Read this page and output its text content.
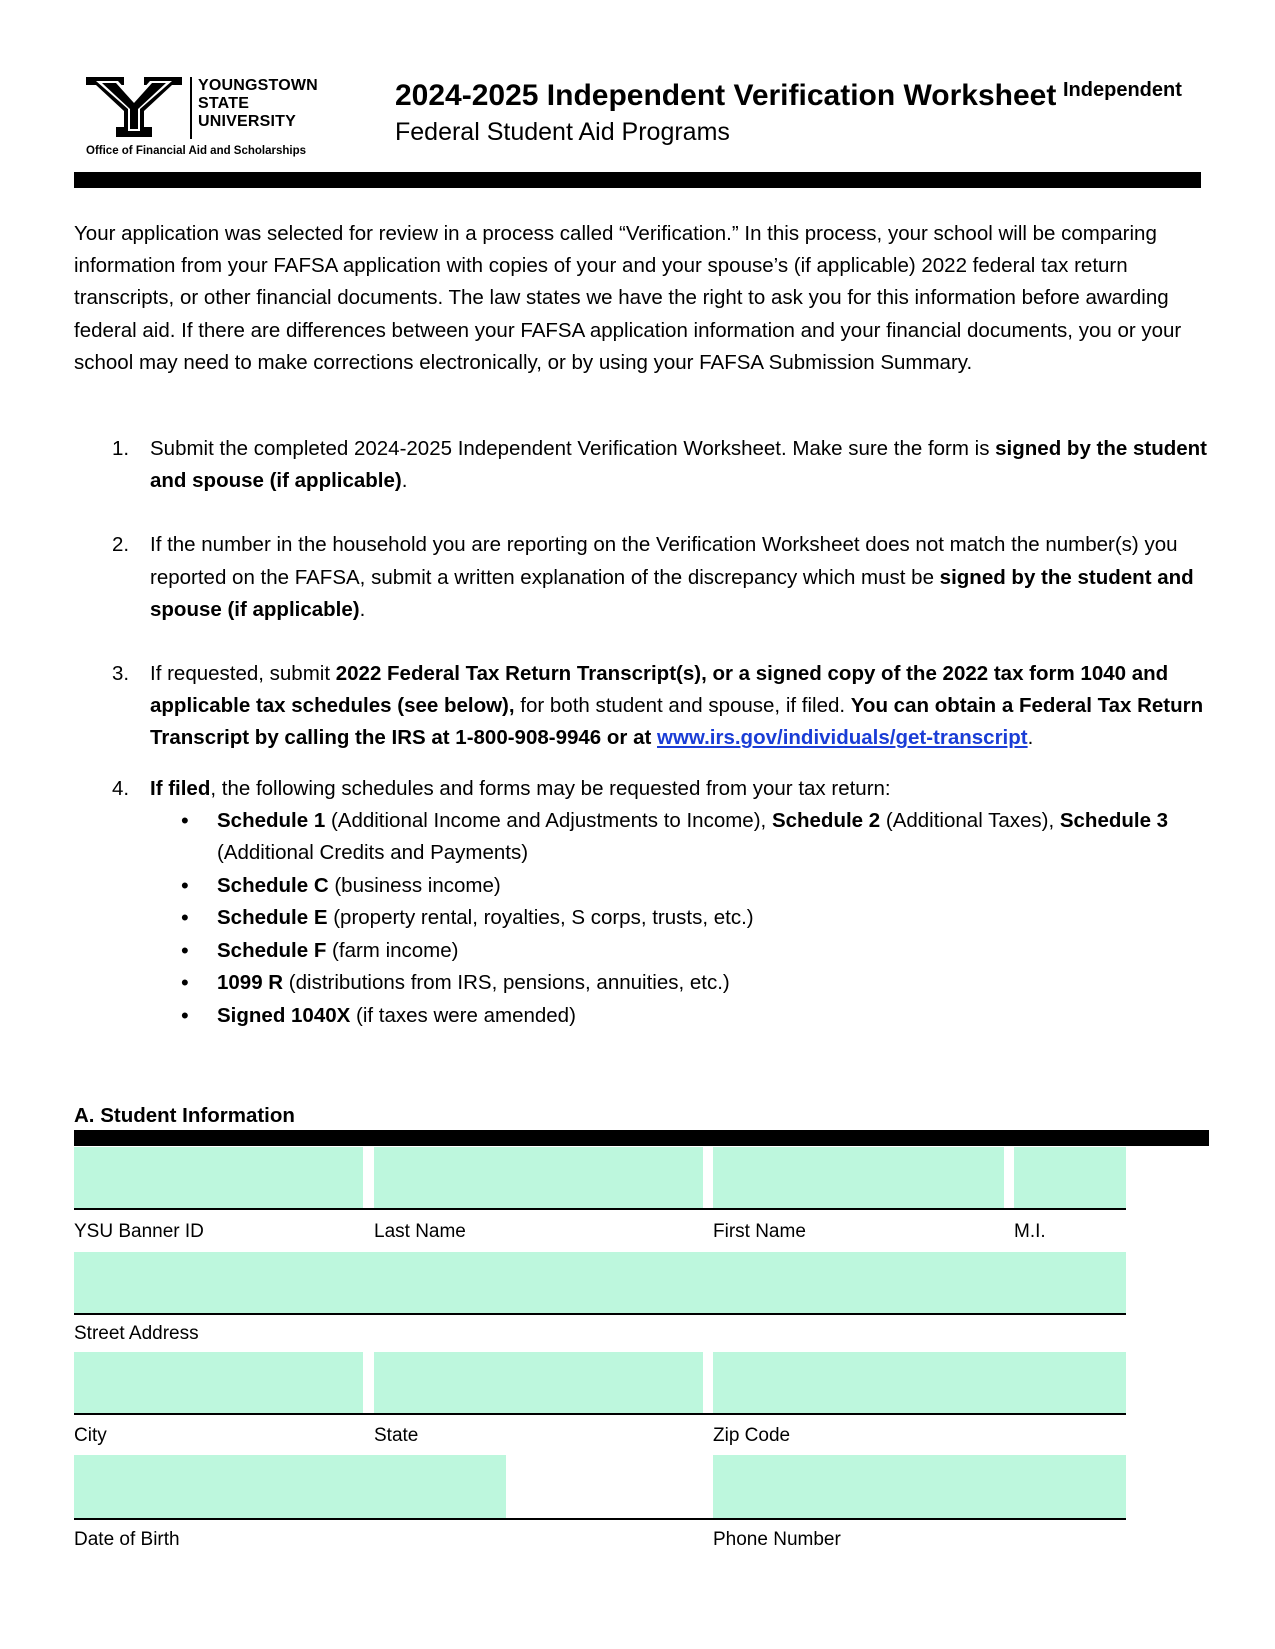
YOUNGSTOWN
STATE
UNIVERSITY
Office of Financial Aid and Scholarships
2024-2025 Independent Verification Worksheet
Federal Student Aid Programs
Independent

Your application was selected for review in a process called “Verification.” In this process, your school will be comparing information from your FAFSA application with copies of your and your spouse’s (if applicable) 2022 federal tax return transcripts, or other financial documents. The law states we have the right to ask you for this information before awarding federal aid. If there are differences between your FAFSA application information and your financial documents, you or your school may need to make corrections electronically, or by using your FAFSA Submission Summary.

1. Submit the completed 2024-2025 Independent Verification Worksheet. Make sure the form is signed by the student and spouse (if applicable).
2. If the number in the household you are reporting on the Verification Worksheet does not match the number(s) you reported on the FAFSA, submit a written explanation of the discrepancy which must be signed by the student and spouse (if applicable).
3. If requested, submit 2022 Federal Tax Return Transcript(s), or a signed copy of the 2022 tax form 1040 and applicable tax schedules (see below), for both student and spouse, if filed. You can obtain a Federal Tax Return Transcript by calling the IRS at 1-800-908-9946 or at www.irs.gov/individuals/get-transcript.
4. If filed, the following schedules and forms may be requested from your tax return:
• Schedule 1 (Additional Income and Adjustments to Income), Schedule 2 (Additional Taxes), Schedule 3 (Additional Credits and Payments)
• Schedule C (business income)
• Schedule E (property rental, royalties, S corps, trusts, etc.)
• Schedule F (farm income)
• 1099 R (distributions from IRS, pensions, annuities, etc.)
• Signed 1040X (if taxes were amended)
A. Student Information
YSU Banner ID	Last Name	First Name	M.I.
Street Address
City	State	Zip Code
Date of Birth	Phone Number
